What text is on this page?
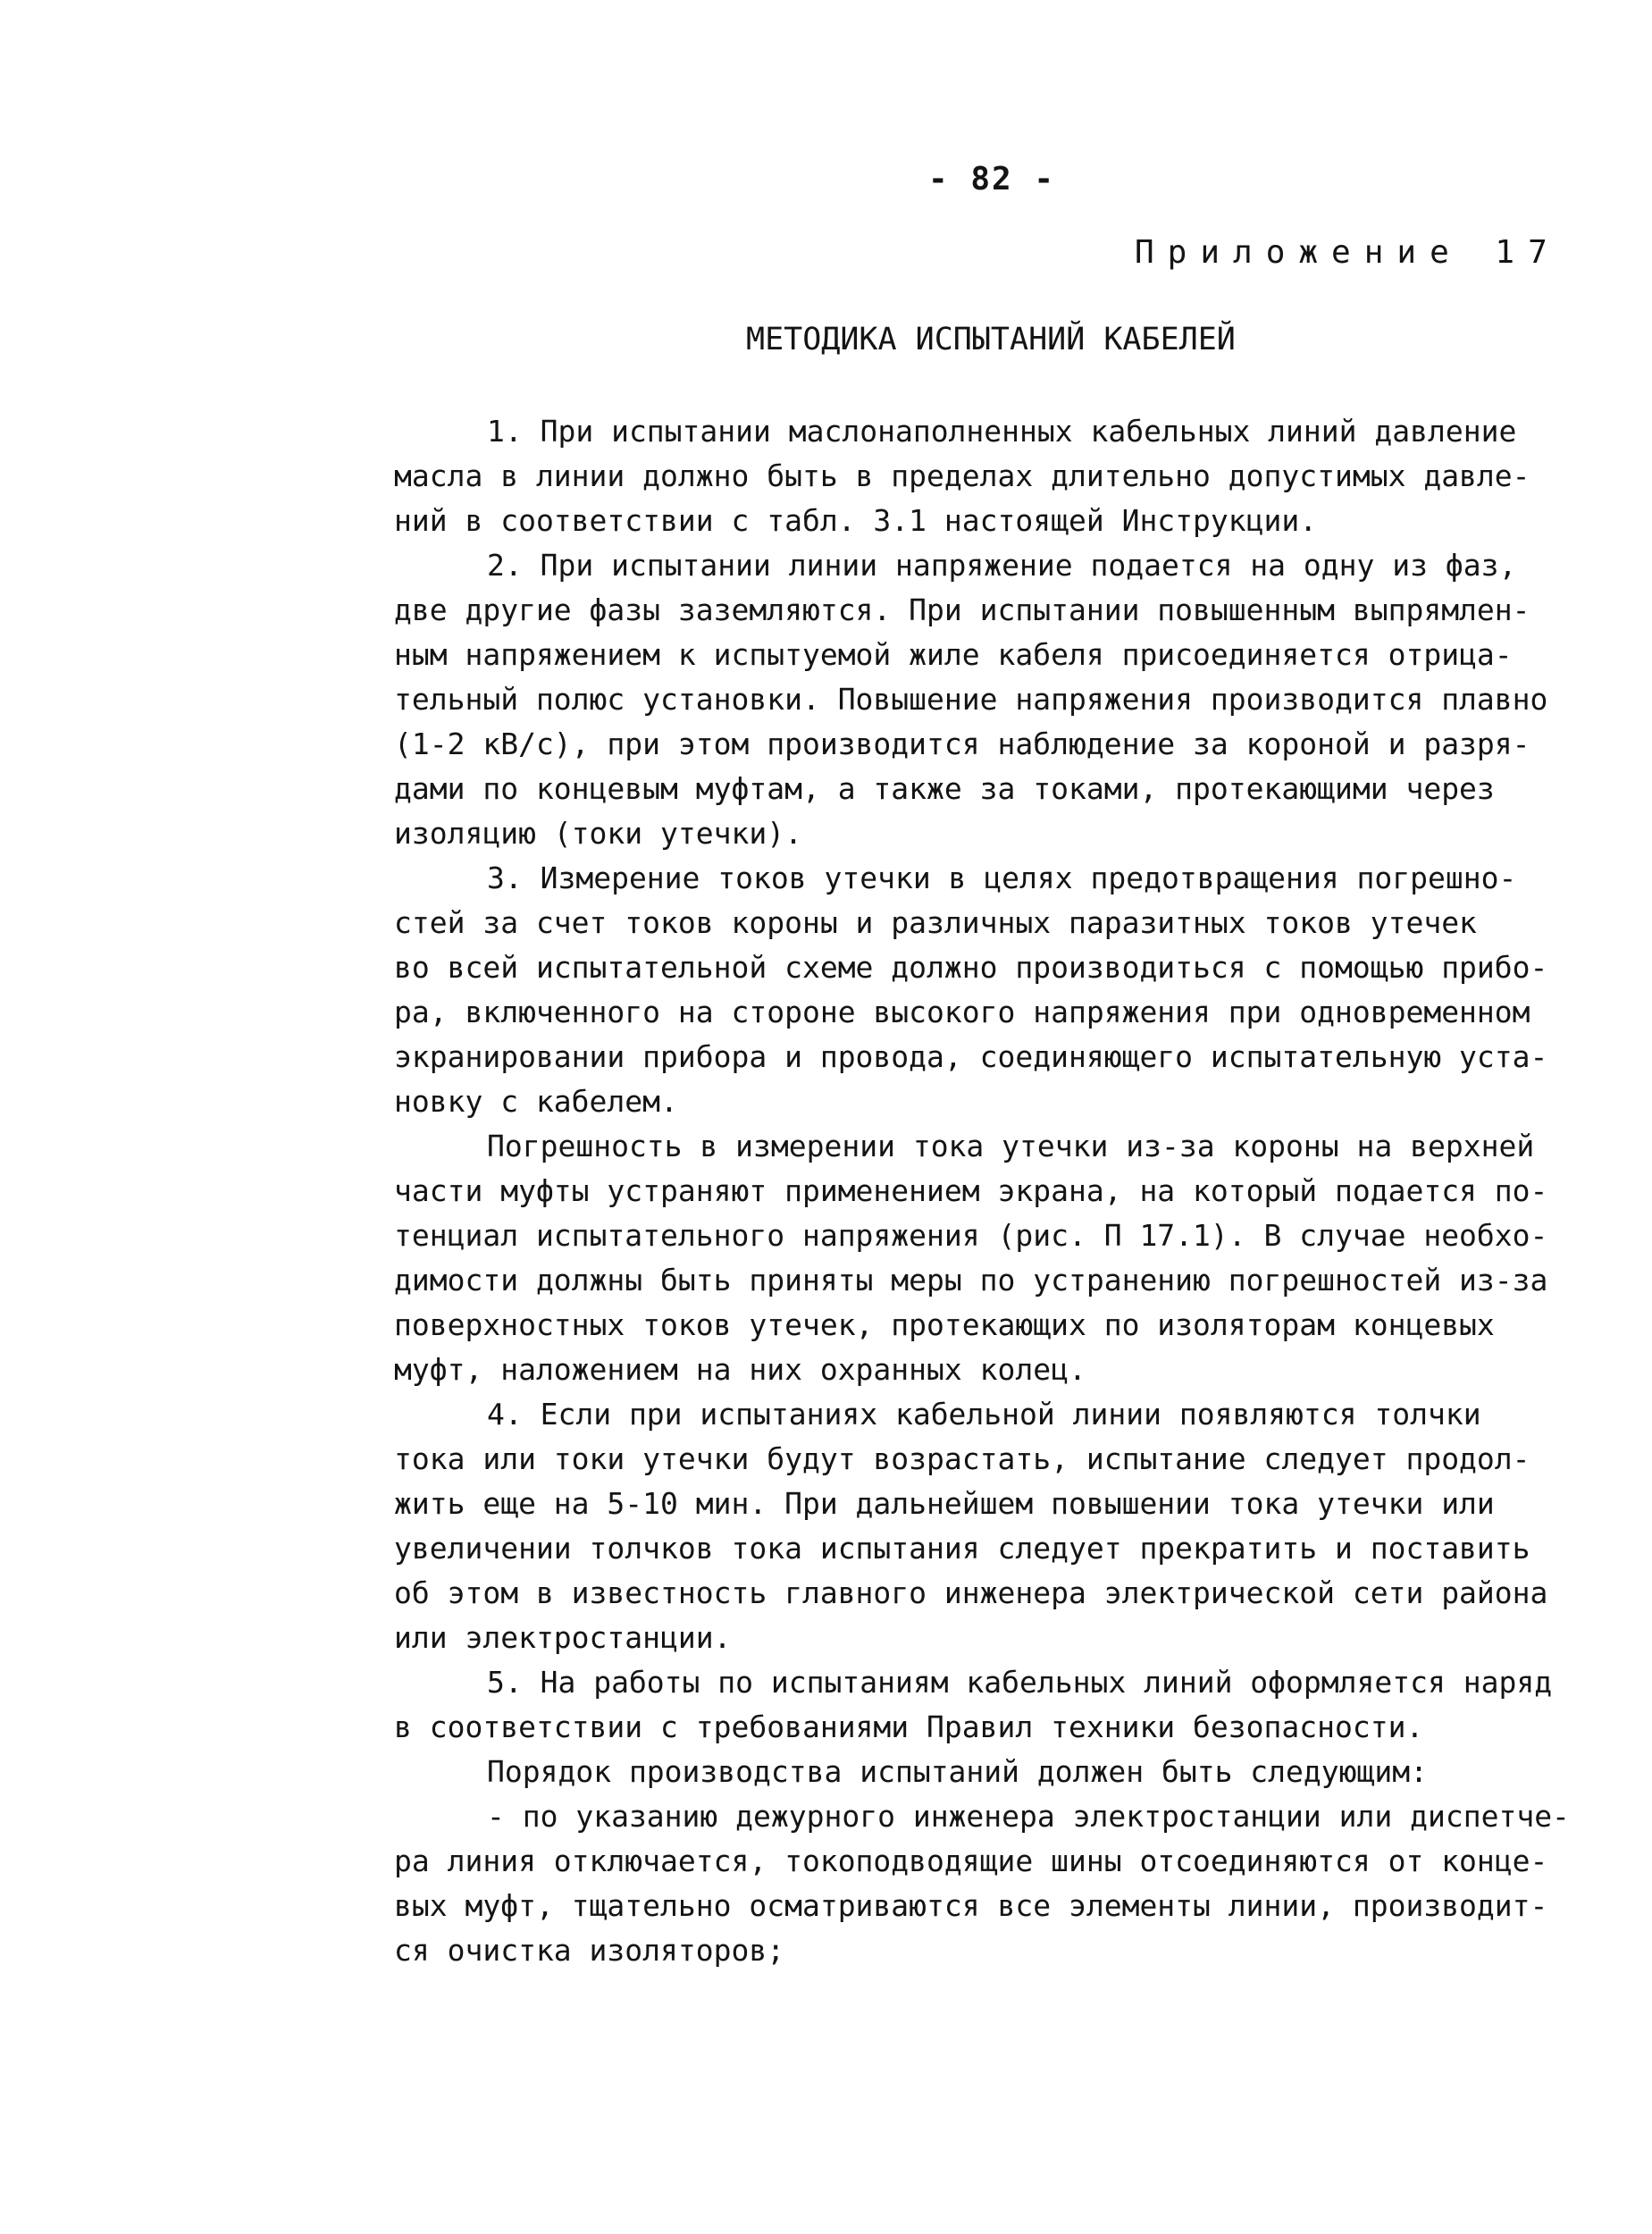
- 82 -
Приложение 17
МЕТОДИКА ИСПЫТАНИЙ КАБЕЛЕЙ
1. При испытании маслонаполненных кабельных линий давление
масла в линии должно быть в пределах длительно допустимых давле-
ний в соответствии с табл. 3.1 настоящей Инструкции.
2. При испытании линии напряжение подается на одну из фаз,
две другие фазы заземляются. При испытании повышенным выпрямлен-
ным напряжением к испытуемой жиле кабеля присоединяется отрица-
тельный полюс установки. Повышение напряжения производится плавно
(1-2 кВ/с), при этом производится наблюдение за короной и разря-
дами по концевым муфтам, а также за токами, протекающими через
изоляцию (токи утечки).
3. Измерение токов утечки в целях предотвращения погрешно-
стей за счет токов короны и различных паразитных токов утечек
во всей испытательной схеме должно производиться с помощью прибо-
ра, включенного на стороне высокого напряжения при одновременном
экранировании прибора и провода, соединяющего испытательную уста-
новку с кабелем.
Погрешность в измерении тока утечки из-за короны на верхней
части муфты устраняют применением экрана, на который подается по-
тенциал испытательного напряжения (рис. П 17.1). В случае необхо-
димости должны быть приняты меры по устранению погрешностей из-за
поверхностных токов утечек, протекающих по изоляторам концевых
муфт, наложением на них охранных колец.
4. Если при испытаниях кабельной линии появляются толчки
тока или токи утечки будут возрастать, испытание следует продол-
жить еще на 5-10 мин. При дальнейшем повышении тока утечки или
увеличении толчков тока испытания следует прекратить и поставить
об этом в известность главного инженера электрической сети района
или электростанции.
5. На работы по испытаниям кабельных линий оформляется наряд
в соответствии с требованиями Правил техники безопасности.
Порядок производства испытаний должен быть следующим:
- по указанию дежурного инженера электростанции или диспетче-
ра линия отключается, токоподводящие шины отсоединяются от конце-
вых муфт, тщательно осматриваются все элементы линии, производит-
ся очистка изоляторов;
